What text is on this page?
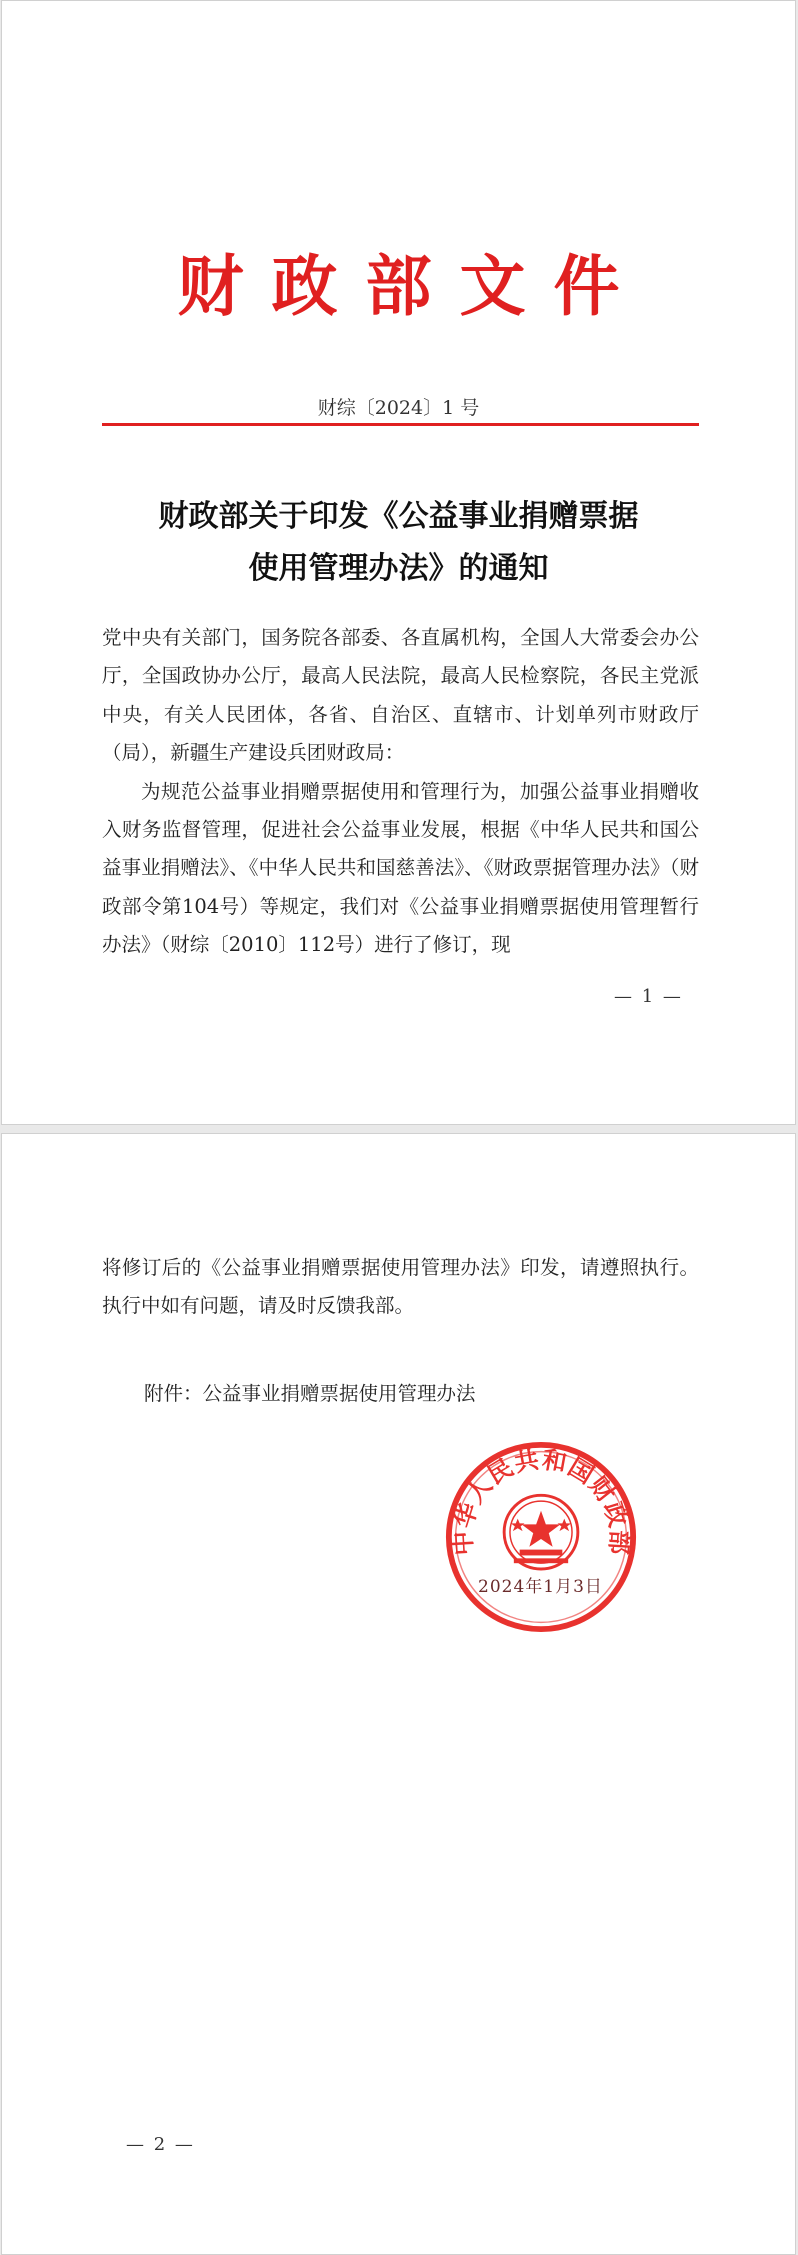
财政部文件
财综〔2024〕1 号
财政部关于印发《公益事业捐赠票据
使用管理办法》的通知

党中央有关部门，国务院各部委、各直属机构，全国人大常委会办公厅，全国政协办公厅，最高人民法院，最高人民检察院，各民主党派中央，有关人民团体，各省、自治区、直辖市、计划单列市财政厅（局），新疆生产建设兵团财政局：

为规范公益事业捐赠票据使用和管理行为，加强公益事业捐赠收入财务监督管理，促进社会公益事业发展，根据《中华人民共和国公益事业捐赠法》、《中华人民共和国慈善法》、《财政票据管理办法》（财政部令第104号）等规定，我们对《公益事业捐赠票据使用管理暂行办法》（财综〔2010〕112号）进行了修订，现

— 1 —

将修订后的《公益事业捐赠票据使用管理办法》印发，请遵照执行。执行中如有问题，请及时反馈我部。

— 2 —
附件：公益事业捐赠票据使用管理办法
中华人民共和国财政部
2024年1月3日
